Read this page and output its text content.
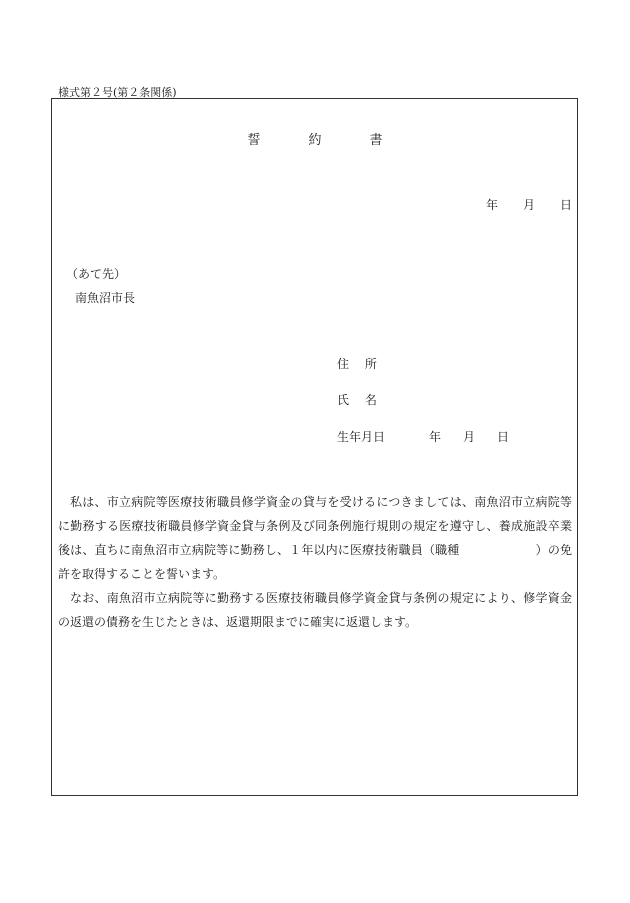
様式第２号(第２条関係)
誓	約	書
年 月 日
（あて先）
南魚沼市長
住　 所
氏　 名
生年月日	年 月 日

私は、市立病院等医療技術職員修学資金の貸与を受けるにつきましては、南魚沼市立病院等に勤務する医療技術職員修学資金貸与条例及び同条例施行規則の規定を遵守し、養成施設卒業後は、直ちに南魚沼市立病院等に勤務し、１年以内に医療技術職員（職種	）の免許を取得することを誓います。

なお、南魚沼市立病院等に勤務する医療技術職員修学資金貸与条例の規定により、修学資金の返還の債務を生じたときは、返還期限までに確実に返還します。
